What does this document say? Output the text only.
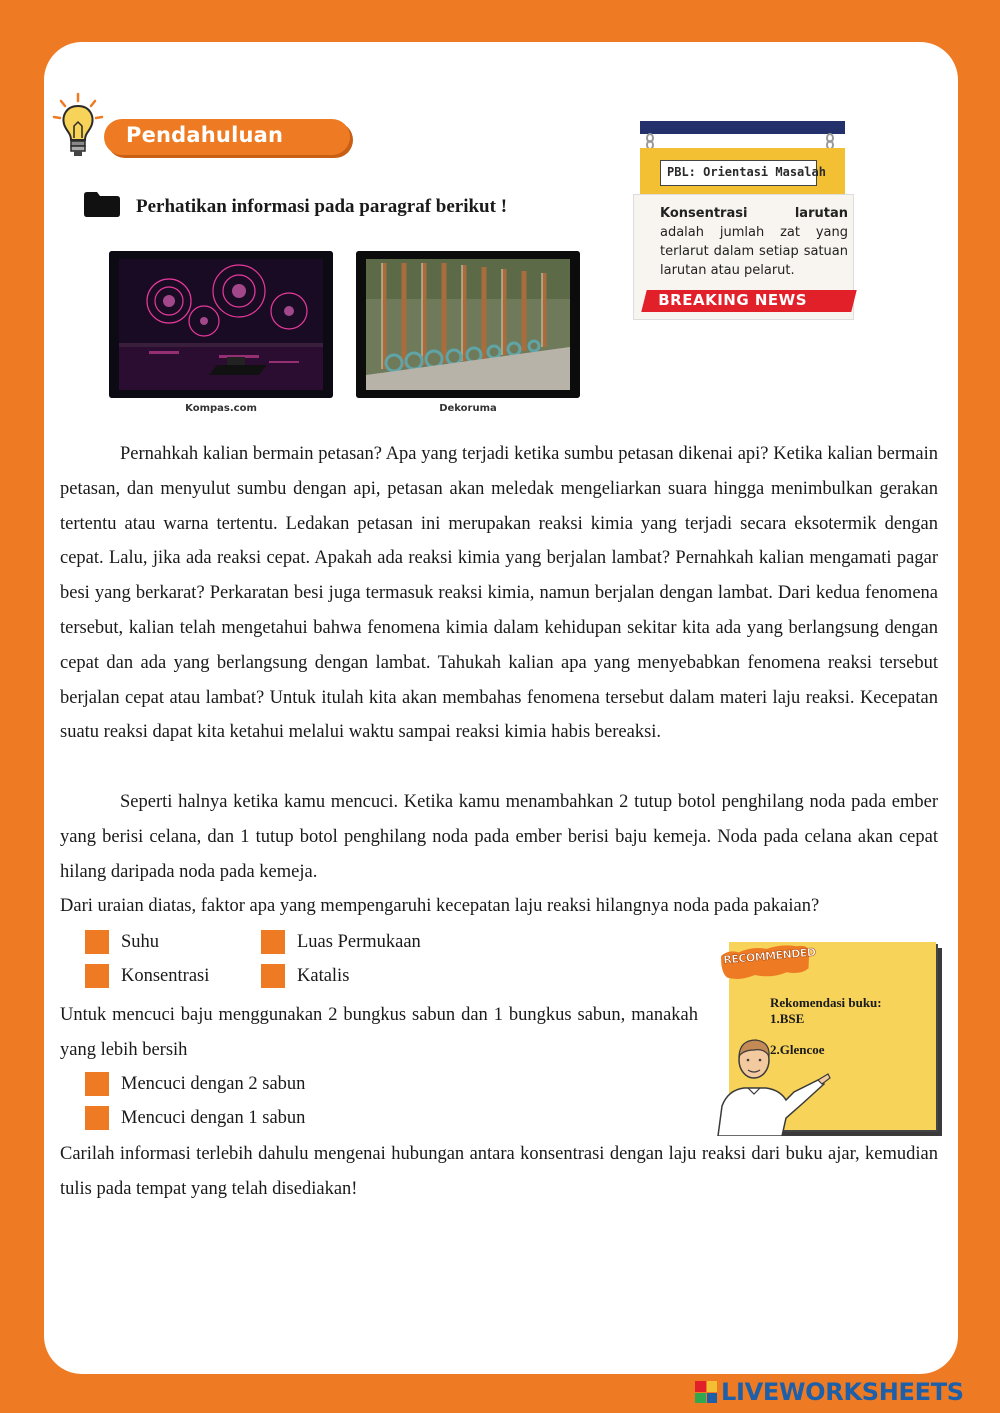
Pendahuluan
Perhatikan informasi pada paragraf berikut !
Kompas.com	Dekoruma
PBL: Orientasi Masalah
Konsentrasi larutan adalah jumlah zat yang terlarut dalam setiap satuan larutan atau pelarut.
BREAKING NEWS
Pernahkah kalian bermain petasan? Apa yang terjadi ketika sumbu petasan dikenai api? Ketika kalian bermain petasan, dan menyulut sumbu dengan api, petasan akan meledak mengeliarkan suara hingga menimbulkan gerakan tertentu atau warna tertentu. Ledakan petasan ini merupakan reaksi kimia yang terjadi secara eksotermik dengan cepat. Lalu, jika ada reaksi cepat. Apakah ada reaksi kimia yang berjalan lambat? Pernahkah kalian mengamati pagar besi yang berkarat? Perkaratan besi juga termasuk reaksi kimia, namun berjalan dengan lambat. Dari kedua fenomena tersebut, kalian telah mengetahui bahwa fenomena kimia dalam kehidupan sekitar kita ada yang berlangsung dengan cepat dan ada yang berlangsung dengan lambat. Tahukah kalian apa yang menyebabkan fenomena reaksi tersebut berjalan cepat atau lambat? Untuk itulah kita akan membahas fenomena tersebut dalam materi laju reaksi. Kecepatan suatu reaksi dapat kita ketahui melalui waktu sampai reaksi kimia habis bereaksi.
Seperti halnya ketika kamu mencuci. Ketika kamu menambahkan 2 tutup botol penghilang noda pada ember yang berisi celana, dan 1 tutup botol penghilang noda pada ember berisi baju kemeja. Noda pada celana akan cepat hilang daripada noda pada kemeja.
Dari uraian diatas, faktor apa yang mempengaruhi kecepatan laju reaksi hilangnya noda pada pakaian?
Suhu	Luas Permukaan
Konsentrasi	Katalis
Untuk mencuci baju menggunakan 2 bungkus sabun dan 1 bungkus sabun, manakah yang lebih bersih
Mencuci dengan 2 sabun
Mencuci dengan 1 sabun
Carilah informasi terlebih dahulu mengenai hubungan antara konsentrasi dengan laju reaksi dari buku ajar, kemudian tulis pada tempat yang telah disediakan!
RECOMMENDED
Rekomendasi buku:
1.BSE
2.Glencoe
LIVEWORKSHEETS
